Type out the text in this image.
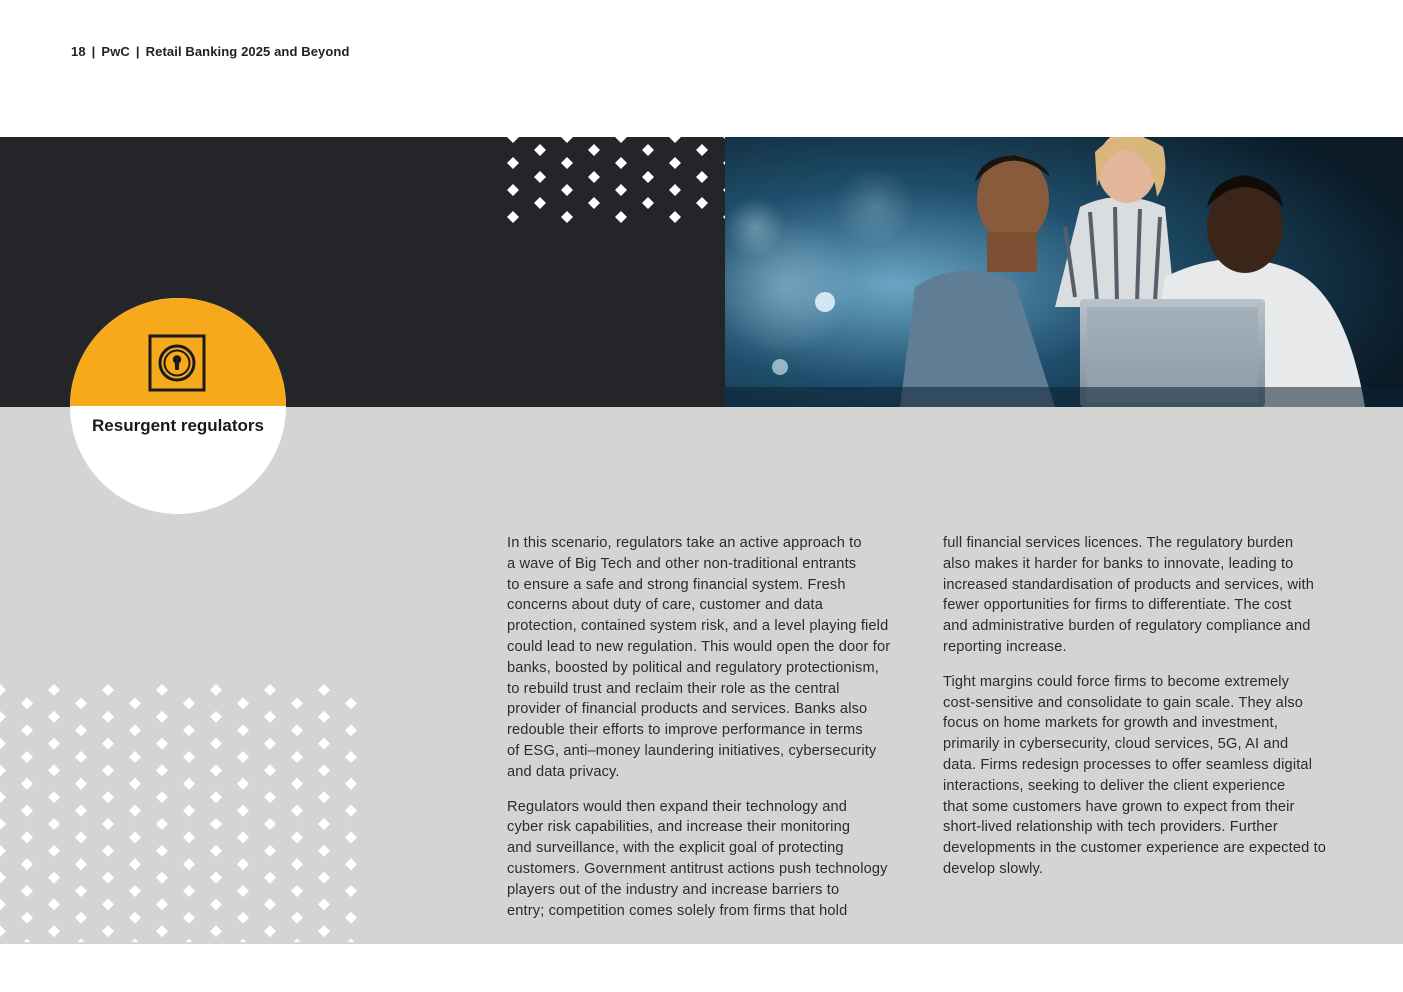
18 | PwC | Retail Banking 2025 and Beyond
Resurgent regulators

In this scenario, regulators take an active approach to
a wave of Big Tech and other non-traditional entrants
to ensure a safe and strong financial system. Fresh
concerns about duty of care, customer and data
protection, contained system risk, and a level playing field
could lead to new regulation. This would open the door for
banks, boosted by political and regulatory protectionism,
to rebuild trust and reclaim their role as the central
provider of financial products and services. Banks also
redouble their efforts to improve performance in terms
of ESG, anti–money laundering initiatives, cybersecurity
and data privacy.

Regulators would then expand their technology and
cyber risk capabilities, and increase their monitoring
and surveillance, with the explicit goal of protecting
customers. Government antitrust actions push technology
players out of the industry and increase barriers to
entry; competition comes solely from firms that hold

full financial services licences. The regulatory burden
also makes it harder for banks to innovate, leading to
increased standardisation of products and services, with
fewer opportunities for firms to differentiate. The cost
and administrative burden of regulatory compliance and
reporting increase.

Tight margins could force firms to become extremely
cost-sensitive and consolidate to gain scale. They also
focus on home markets for growth and investment,
primarily in cybersecurity, cloud services, 5G, AI and
data. Firms redesign processes to offer seamless digital
interactions, seeking to deliver the client experience
that some customers have grown to expect from their
short-lived relationship with tech providers. Further
developments in the customer experience are expected to
develop slowly.
